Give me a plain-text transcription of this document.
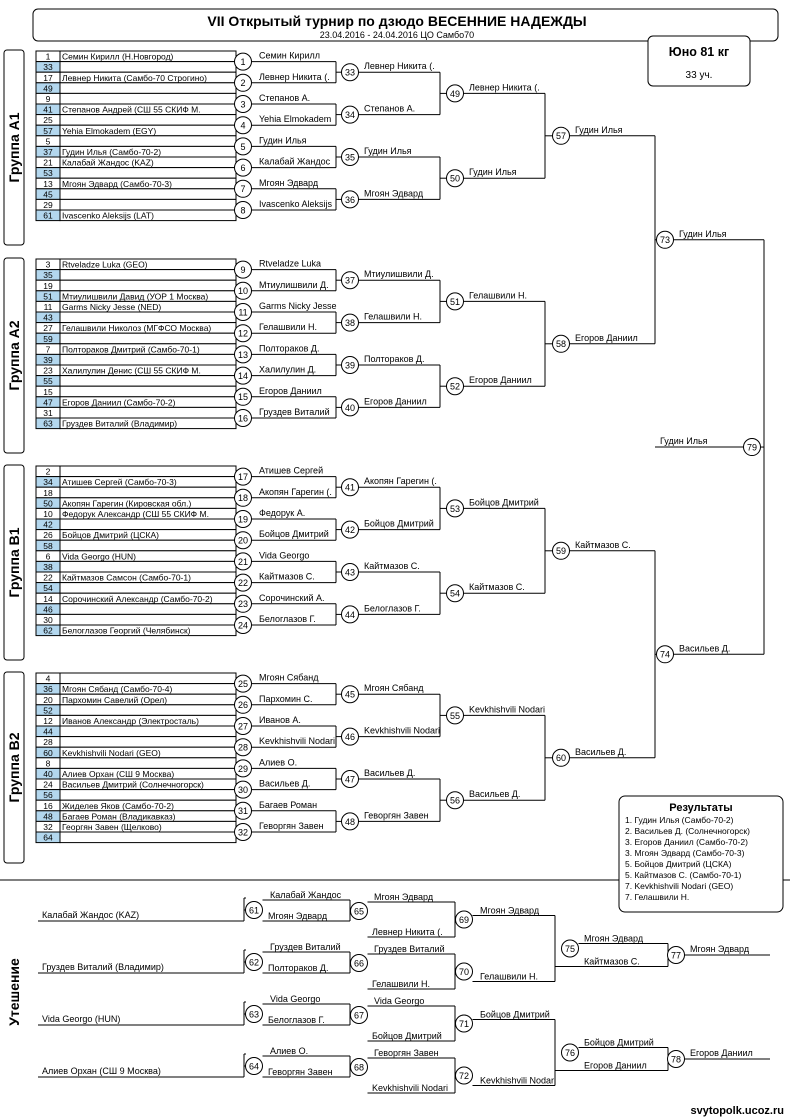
VII Открытый турнир по дзюдо ВЕСЕННИЕ НАДЕЖДЫ
23.04.2016 - 24.04.2016 ЦО Самбо70
Юно 81 кг
33 уч.
Группа А1
Группа А2
Группа В1
Группа В2
Утешение
1 Семин Кирилл (Н.Новгород)
33
17 Левнер Никита (Самбо-70 Строгино)
49
9
41 Степанов Андрей (СШ 55 СКИФ М.
25
57 Yehia Elmokadem (EGY)
5
37 Гудин Илья (Самбо-70-2)
21 Калабай Жандос (KAZ)
53
13 Мгоян Эдвард (Самбо-70-3)
45
29
61 Ivascenko Aleksijs (LAT)
3 Rtveladze Luka (GEO)
35
19
51 Мтиулишвили Давид (УОР 1 Москва)
11 Garms Nicky Jesse (NED)
43
27 Гелашвили Николоз (МГФСО Москва)
59
7 Полтораков Дмитрий (Самбо-70-1)
39
23 Халилулин Денис (СШ 55 СКИФ М.
55
15
47 Егоров Даниил (Самбо-70-2)
31
63 Груздев Виталий (Владимир)
2
34 Атишев Сергей (Самбо-70-3)
18
50 Акопян Гарегин (Кировская обл.)
10 Федорук Александр (СШ 55 СКИФ М.
42
26 Бойцов Дмитрий (ЦСКА)
58
6 Vida Georgo (HUN)
38
22 Кайтмазов Самсон (Самбо-70-1)
54
14 Сорочинский Александр (Самбо-70-2)
46
30
62 Белоглазов Георгий (Челябинск)
4
36 Мгоян Сябанд (Самбо-70-4)
20 Пархомин Савелий (Орел)
52
12 Иванов Александр (Электросталь)
44
28
60 Kevkhishvili Nodari (GEO)
8
40 Алиев Орхан (СШ 9 Москва)
24 Васильев Дмитрий (Солнечногорск)
56
16 Жиделев Яков (Самбо-70-2)
48 Багаев Роман (Владикавказ)
32 Георгян Завен (Щелково)
64
1
2
Семин Кирилл
Левнер Никита (.
3
4
Степанов А.
Yehia Elmokadem
5
6
Гудин Илья
Калабай Жандос
7
8
Мгоян Эдвард
Ivascenko Aleksijs
9
10
Rtveladze Luka
Мтиулишвили Д.
11
12
Garms Nicky Jesse
Гелашвили Н.
13
14
Полтораков Д.
Халилулин Д.
15
16
Егоров Даниил
Груздев Виталий
17
18
Атишев Сергей
Акопян Гарегин (.
19
20
Федорук А.
Бойцов Дмитрий
21
22
Vida Georgo
Кайтмазов С.
23
24
Сорочинский А.
Белоглазов Г.
25
26
Мгоян Сябанд
Пархомин С.
27
28
Иванов А.
Kevkhishvili Nodari
29
30
Алиев О.
Васильев Д.
31
32
Багаев Роман
Геворгян Завен
33
34
Левнер Никита (.
Степанов А.
35
36
Гудин Илья
Мгоян Эдвард
37
38
Мтиулишвили Д.
Гелашвили Н.
39
40
Полтораков Д.
Егоров Даниил
41
42
Акопян Гарегин (.
Бойцов Дмитрий
43
44
Кайтмазов С.
Белоглазов Г.
45
46
Мгоян Сябанд
Kevkhishvili Nodari
47
48
Васильев Д.
Геворгян Завен
49
50
Левнер Никита (.
Гудин Илья
51
52
Гелашвили Н.
Егоров Даниил
53
54
Бойцов Дмитрий
Кайтмазов С.
55
56
Kevkhishvili Nodari
Васильев Д.
57
58
Гудин Илья
Егоров Даниил
59
60
Кайтмазов С.
Васильев Д.
73
Гудин Илья
74
Васильев Д.
79
Гудин Илья
Результаты
1. Гудин Илья (Самбо-70-2)
2. Васильев Д. (Солнечногорск)
3. Егоров Даниил (Самбо-70-2)
3. Мгоян Эдвард (Самбо-70-3)
5. Бойцов Дмитрий (ЦСКА)
5. Кайтмазов С. (Самбо-70-1)
7. Kevkhishvili Nodari (GEO)
7. Гелашвили Н.
Калабай Жандос (KAZ)	61
Калабай Жандос
Мгоян Эдвард	65
Мгоян Эдвард
Левнер Никита (.
69
Груздев Виталий (Владимир)	62
Груздев Виталий
Полтораков Д.	66
Груздев Виталий
Гелашвили Н.
70
Vida Georgo (HUN)	63
Vida Georgo
Белоглазов Г.	67
Vida Georgo
Бойцов Дмитрий
71
Алиев Орхан (СШ 9 Москва)	64
Алиев О.
Геворгян Завен 68
Геворгян Завен
Kevkhishvili Nodari
72
Мгоян Эдвард
Гелашвили Н.
75
Мгоян Эдвард
Кайтмазов С.
77
Мгоян Эдвард
Бойцов Дмитрий
Kevkhishvili Nodari
76
Бойцов Дмитрий
Егоров Даниил
78
Егоров Даниил
svytopolk.ucoz.ru
